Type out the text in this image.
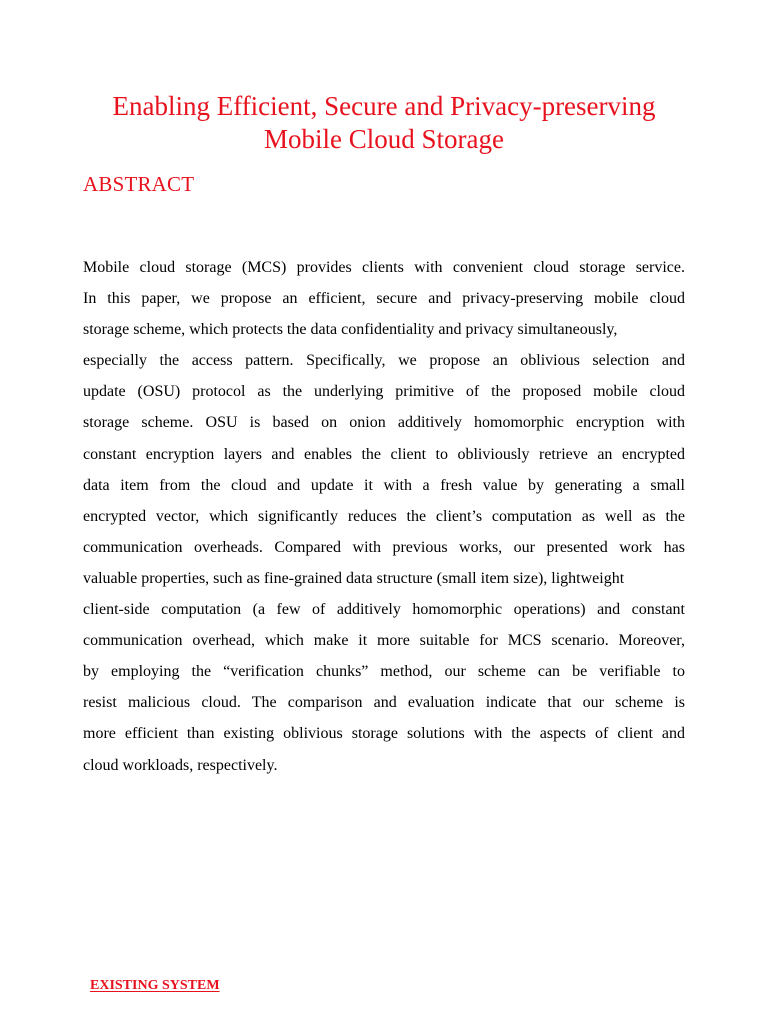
Enabling Efficient, Secure and Privacy-preserving
Mobile Cloud Storage
ABSTRACT
Mobile cloud storage (MCS) provides clients with convenient cloud storage service.
In this paper, we propose an efficient, secure and privacy-preserving mobile cloud
storage scheme, which protects the data confidentiality and privacy simultaneously,
especially the access pattern. Specifically, we propose an oblivious selection and
update (OSU) protocol as the underlying primitive of the proposed mobile cloud
storage scheme. OSU is based on onion additively homomorphic encryption with
constant encryption layers and enables the client to obliviously retrieve an encrypted
data item from the cloud and update it with a fresh value by generating a small
encrypted vector, which significantly reduces the client’s computation as well as the
communication overheads. Compared with previous works, our presented work has
valuable properties, such as fine-grained data structure (small item size), lightweight
client-side computation (a few of additively homomorphic operations) and constant
communication overhead, which make it more suitable for MCS scenario. Moreover,
by employing the “verification chunks” method, our scheme can be verifiable to
resist malicious cloud. The comparison and evaluation indicate that our scheme is
more efficient than existing oblivious storage solutions with the aspects of client and
cloud workloads, respectively.
EXISTING SYSTEM
